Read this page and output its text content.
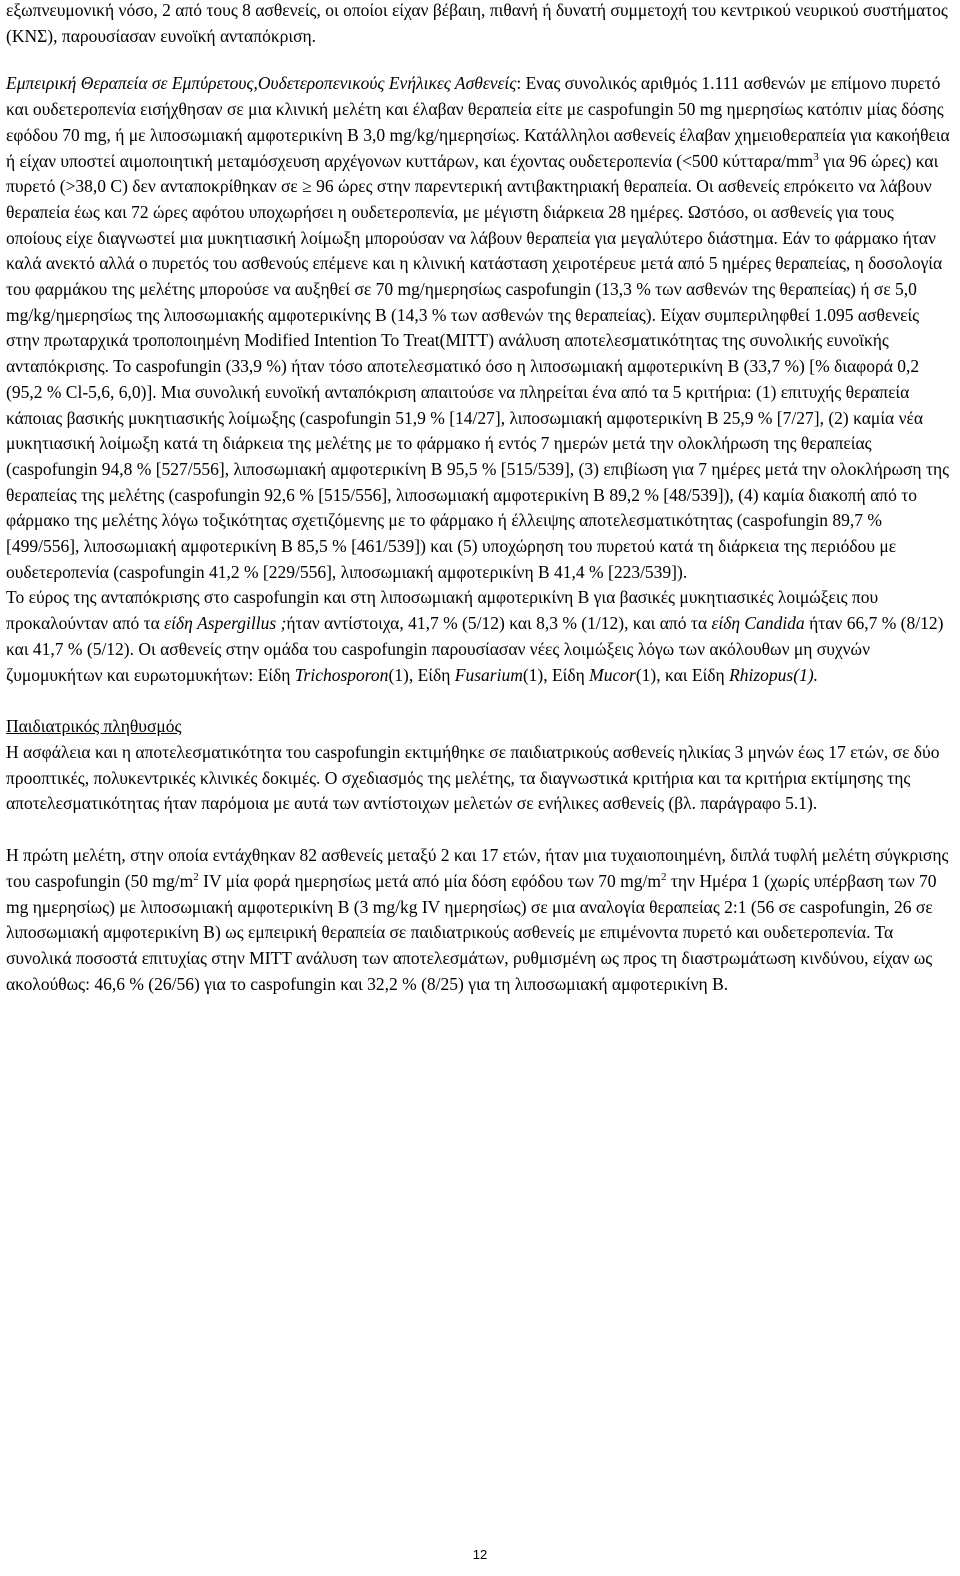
εξωπνευμονική νόσο, 2 από τους 8 ασθενείς, οι οποίοι είχαν βέβαιη, πιθανή ή δυνατή συμμετοχή του κεντρικού νευρικού συστήματος (ΚΝΣ), παρουσίασαν ευνοϊκή ανταπόκριση.

Εμπειρική Θεραπεία σε Εμπύρετους,Ουδετεροπενικούς Ενήλικες Ασθενείς: Ενας συνολικός αριθμός 1.111 ασθενών με επίμονο πυρετό και ουδετεροπενία εισήχθησαν σε μια κλινική μελέτη και έλαβαν θεραπεία είτε με caspofungin 50 mg ημερησίως κατόπιν μίας δόσης εφόδου 70 mg, ή με λιποσωμιακή αμφοτερικίνη B 3,0 mg/kg/ημερησίως. Κατάλληλοι ασθενείς έλαβαν χημειοθεραπεία για κακοήθεια ή είχαν υποστεί αιμοποιητική μεταμόσχευση αρχέγονων κυττάρων, και έχοντας ουδετεροπενία (<500 κύτταρα/$mm^3$ για 96 ώρες) και πυρετό (>38,0 C) δεν ανταποκρίθηκαν σε ≥ 96 ώρες στην παρεντερική αντιβακτηριακή θεραπεία. Οι ασθενείς επρόκειτο να λάβουν θεραπεία έως και 72 ώρες αφότου υποχωρήσει η ουδετεροπενία, με μέγιστη διάρκεια 28 ημέρες. Ωστόσο, οι ασθενείς για τους οποίους είχε διαγνωστεί μια μυκητιασική λοίμωξη μπορούσαν να λάβουν θεραπεία για μεγαλύτερο διάστημα. Εάν το φάρμακο ήταν καλά ανεκτό αλλά ο πυρετός του ασθενούς επέμενε και η κλινική κατάσταση χειροτέρευε μετά από 5 ημέρες θεραπείας, η δοσολογία του φαρμάκου της μελέτης μπορούσε να αυξηθεί σε 70 mg/ημερησίως caspofungin (13,3 % των ασθενών της θεραπείας) ή σε 5,0 mg/kg/ημερησίως της λιποσωμιακής αμφοτερικίνης B (14,3 % των ασθενών της θεραπείας). Είχαν συμπεριληφθεί 1.095 ασθενείς στην πρωταρχικά τροποποιημένη Modified Intention To Treat(MITT) ανάλυση αποτελεσματικότητας της συνολικής ευνοϊκής ανταπόκρισης. Το caspofungin (33,9 %) ήταν τόσο αποτελεσματικό όσο η λιποσωμιακή αμφοτερικίνη B (33,7 %) [% διαφορά 0,2 (95,2 % Cl-5,6, 6,0)]. Μια συνολική ευνοϊκή ανταπόκριση απαιτούσε να πληρείται ένα από τα 5 κριτήρια: (1) επιτυχής θεραπεία κάποιας βασικής μυκητιασικής λοίμωξης (caspofungin 51,9 % [14/27], λιποσωμιακή αμφοτερικίνη B 25,9 % [7/27], (2) καμία νέα μυκητιασική λοίμωξη κατά τη διάρκεια της μελέτης με το φάρμακο ή εντός 7 ημερών μετά την ολοκλήρωση της θεραπείας (caspofungin 94,8 % [527/556], λιποσωμιακή αμφοτερικίνη B 95,5 % [515/539], (3) επιβίωση για 7 ημέρες μετά την ολοκλήρωση της θεραπείας της μελέτης (caspofungin 92,6 % [515/556], λιποσωμιακή αμφοτερικίνη B 89,2 % [48/539]), (4) καμία διακοπή από το φάρμακο της μελέτης λόγω τοξικότητας σχετιζόμενης με το φάρμακο ή έλλειψης αποτελεσματικότητας (caspofungin 89,7 % [499/556], λιποσωμιακή αμφοτερικίνη B 85,5 % [461/539]) και (5) υποχώρηση του πυρετού κατά τη διάρκεια της περιόδου με ουδετεροπενία (caspofungin 41,2 % [229/556], λιποσωμιακή αμφοτερικίνη B 41,4 % [223/539]).

Το εύρος της ανταπόκρισης στο caspofungin και στη λιποσωμιακή αμφοτερικίνη B για βασικές μυκητιασικές λοιμώξεις που προκαλούνταν από τα είδη Aspergillus ;ήταν αντίστοιχα, 41,7 % (5/12) και 8,3 % (1/12), και από τα είδη Candida ήταν 66,7 % (8/12) και 41,7 % (5/12). Οι ασθενείς στην ομάδα του caspofungin παρουσίασαν νέες λοιμώξεις λόγω των ακόλουθων μη συχνών ζυμομυκήτων και ευρωτομυκήτων: Είδη Trichosporon(1), Είδη Fusarium(1), Είδη Mucor(1), και Είδη Rhizopus(1).

Παιδιατρικός πληθυσμός

Η ασφάλεια και η αποτελεσματικότητα του caspofungin εκτιμήθηκε σε παιδιατρικούς ασθενείς ηλικίας 3 μηνών έως 17 ετών, σε δύο προοπτικές, πολυκεντρικές κλινικές δοκιμές. Ο σχεδιασμός της μελέτης, τα διαγνωστικά κριτήρια και τα κριτήρια εκτίμησης της αποτελεσματικότητας ήταν παρόμοια με αυτά των αντίστοιχων μελετών σε ενήλικες ασθενείς (βλ. παράγραφο 5.1).

Η πρώτη μελέτη, στην οποία εντάχθηκαν 82 ασθενείς μεταξύ 2 και 17 ετών, ήταν μια τυχαιοποιημένη, διπλά τυφλή μελέτη σύγκρισης του caspofungin (50 $mg/m^2$ IV μία φορά ημερησίως μετά από μία δόση εφόδου των 70 $mg/m^2$ την Ημέρα 1 (χωρίς υπέρβαση των 70 mg ημερησίως) με λιποσωμιακή αμφοτερικίνη B (3 mg/kg IV ημερησίως) σε μια αναλογία θεραπείας 2:1 (56 σε caspofungin, 26 σε λιποσωμιακή αμφοτερικίνη B) ως εμπειρική θεραπεία σε παιδιατρικούς ασθενείς με επιμένοντα πυρετό και ουδετεροπενία. Τα συνολικά ποσοστά επιτυχίας στην MITT ανάλυση των αποτελεσμάτων, ρυθμισμένη ως προς τη διαστρωμάτωση κινδύνου, είχαν ως ακολούθως: 46,6 % (26/56) για το caspofungin και 32,2 % (8/25) για τη λιποσωμιακή αμφοτερικίνη B.

12
